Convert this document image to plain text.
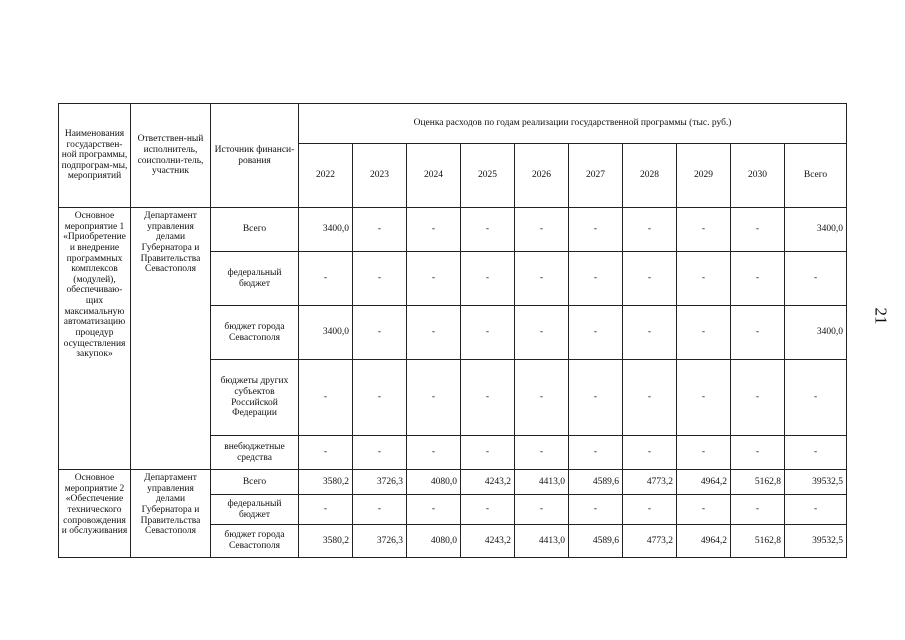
Наименования государствен-ной программы, подпрограм-мы, мероприятий	Ответствен-ный исполнитель, соисполни-тель, участник	Источник финанси-рования	Оценка расходов по годам реализации государственной программы (тыс. руб.)									
			2022	2023	2024	2025	2026	2027	2028	2029	2030	Всего
Основное мероприятие 1 «Приобретение и внедрение программных комплексов (модулей), обеспечиваю-щих максимальную автоматизацию процедур осуществления закупок»	Департамент управления делами Губернатора и Правительства Севастополя	Всего	3400,0	-	-	-	-	-	-	-	-	3400,0
		федеральный бюджет	-	-	-	-	-	-	-	-	-	-
		бюджет города Севастополя	3400,0	-	-	-	-	-	-	-	-	3400,0
		бюджеты других субъектов Российской Федерации	-	-	-	-	-	-	-	-	-	-
		внебюджетные средства	-	-	-	-	-	-	-	-	-	-
Основное мероприятие 2 «Обеспечение технического сопровождения и обслуживания	Департамент управления делами Губернатора и Правительства Севастополя	Всего	3580,2	3726,3	4080,0	4243,2	4413,0	4589,6	4773,2	4964,2	5162,8	39532,5
		федеральный бюджет	-	-	-	-	-	-	-	-	-	-
		бюджет города Севастополя	3580,2	3726,3	4080,0	4243,2	4413,0	4589,6	4773,2	4964,2	5162,8	39532,5
21
